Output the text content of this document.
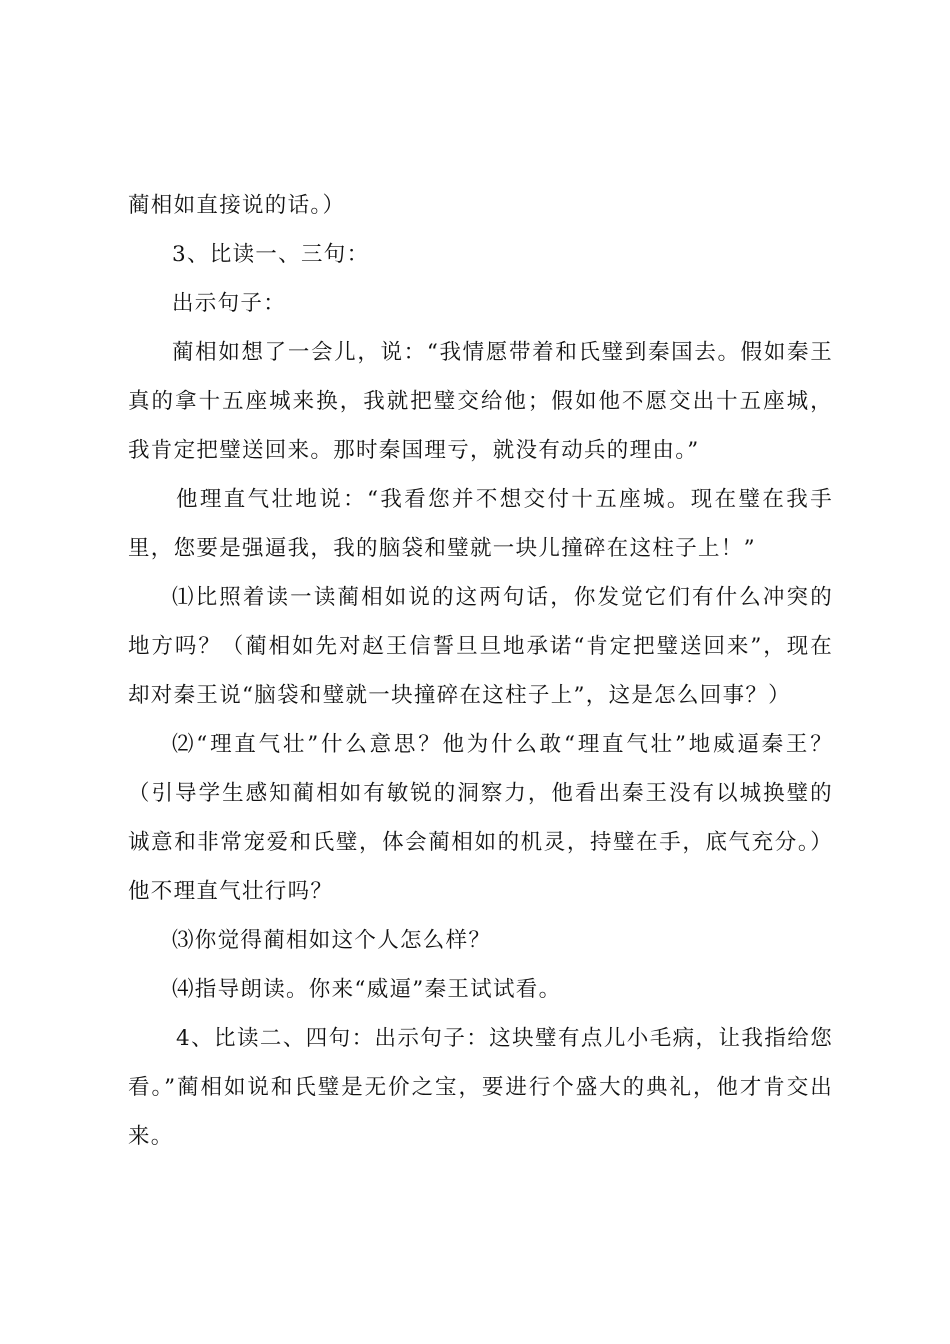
蔺相如直接说的话。）

3、比读一、三句：

出示句子：

蔺相如想了一会儿，说：“我情愿带着和氏璧到秦国去。假如秦王真的拿十五座城来换，我就把璧交给他；假如他不愿交出十五座城，我肯定把璧送回来。那时秦国理亏，就没有动兵的理由。”

他理直气壮地说：“我看您并不想交付十五座城。现在璧在我手里，您要是强逼我，我的脑袋和璧就一块儿撞碎在这柱子上！”

⑴比照着读一读蔺相如说的这两句话，你发觉它们有什么冲突的地方吗？（蔺相如先对赵王信誓旦旦地承诺“肯定把璧送回来”，现在却对秦王说“脑袋和璧就一块撞碎在这柱子上”，这是怎么回事？）

⑵“理直气壮”什么意思？他为什么敢“理直气壮”地威逼秦王？（引导学生感知蔺相如有敏锐的洞察力，他看出秦王没有以城换璧的诚意和非常宠爱和氏璧，体会蔺相如的机灵，持璧在手，底气充分。）他不理直气壮行吗？

⑶你觉得蔺相如这个人怎么样？

⑷指导朗读。你来“威逼”秦王试试看。

4、比读二、四句：出示句子：这块璧有点儿小毛病，让我指给您看。”蔺相如说和氏璧是无价之宝，要进行个盛大的典礼，他才肯交出来。
